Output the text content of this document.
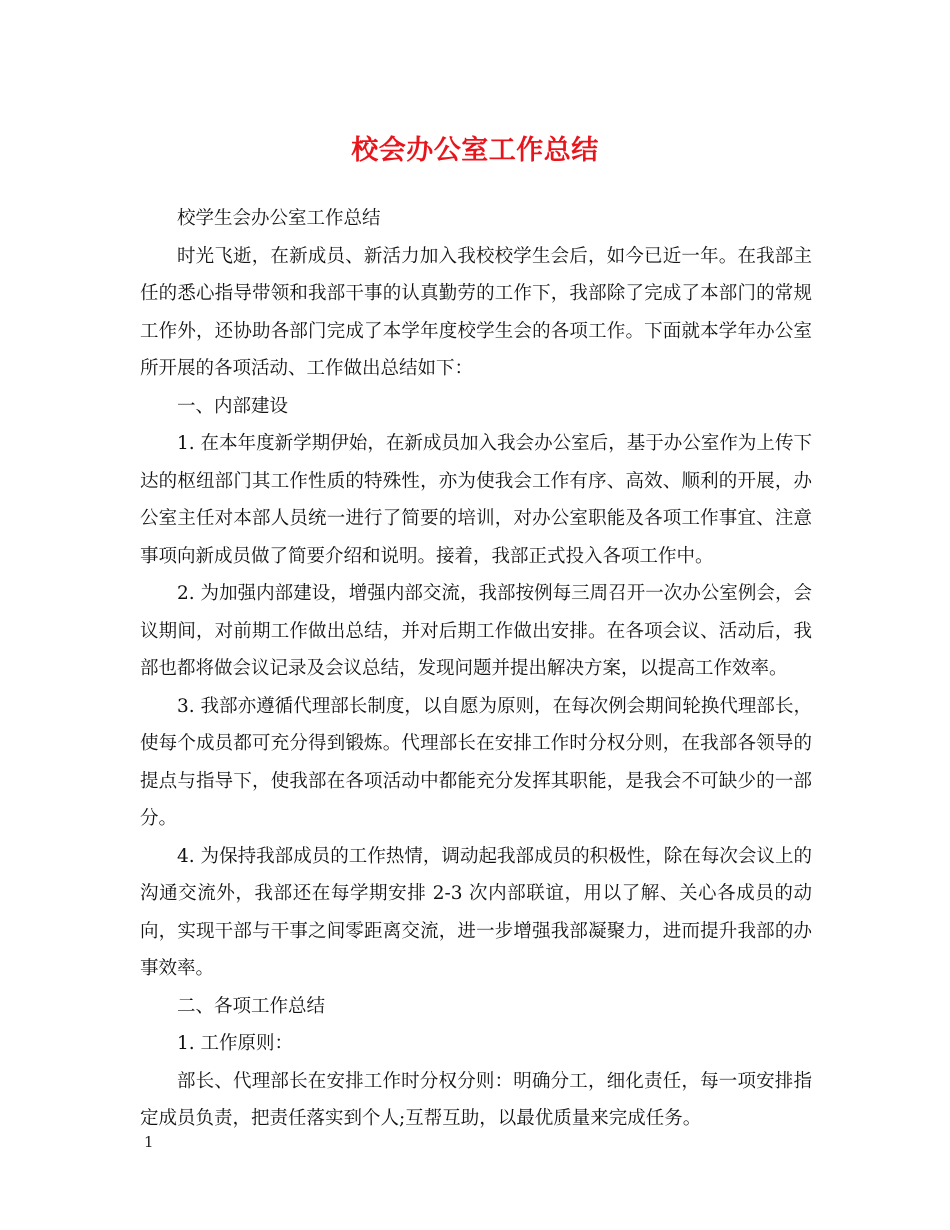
校会办公室工作总结

校学生会办公室工作总结

时光飞逝，在新成员、新活力加入我校校学生会后，如今已近一年。在我部主任的悉心指导带领和我部干事的认真勤劳的工作下，我部除了完成了本部门的常规工作外，还协助各部门完成了本学年度校学生会的各项工作。下面就本学年办公室所开展的各项活动、工作做出总结如下：

一、内部建设

1. 在本年度新学期伊始，在新成员加入我会办公室后，基于办公室作为上传下达的枢纽部门其工作性质的特殊性，亦为使我会工作有序、高效、顺利的开展，办公室主任对本部人员统一进行了简要的培训，对办公室职能及各项工作事宜、注意事项向新成员做了简要介绍和说明。接着，我部正式投入各项工作中。

2. 为加强内部建设，增强内部交流，我部按例每三周召开一次办公室例会，会议期间，对前期工作做出总结，并对后期工作做出安排。在各项会议、活动后，我部也都将做会议记录及会议总结，发现问题并提出解决方案，以提高工作效率。

3. 我部亦遵循代理部长制度，以自愿为原则，在每次例会期间轮换代理部长，使每个成员都可充分得到锻炼。代理部长在安排工作时分权分则，在我部各领导的提点与指导下，使我部在各项活动中都能充分发挥其职能，是我会不可缺少的一部分。

4. 为保持我部成员的工作热情，调动起我部成员的积极性，除在每次会议上的沟通交流外，我部还在每学期安排 2-3 次内部联谊，用以了解、关心各成员的动向，实现干部与干事之间零距离交流，进一步增强我部凝聚力，进而提升我部的办事效率。

二、各项工作总结

1. 工作原则：

部长、代理部长在安排工作时分权分则：明确分工，细化责任，每一项安排指定成员负责，把责任落实到个人;互帮互助，以最优质量来完成任务。

1
